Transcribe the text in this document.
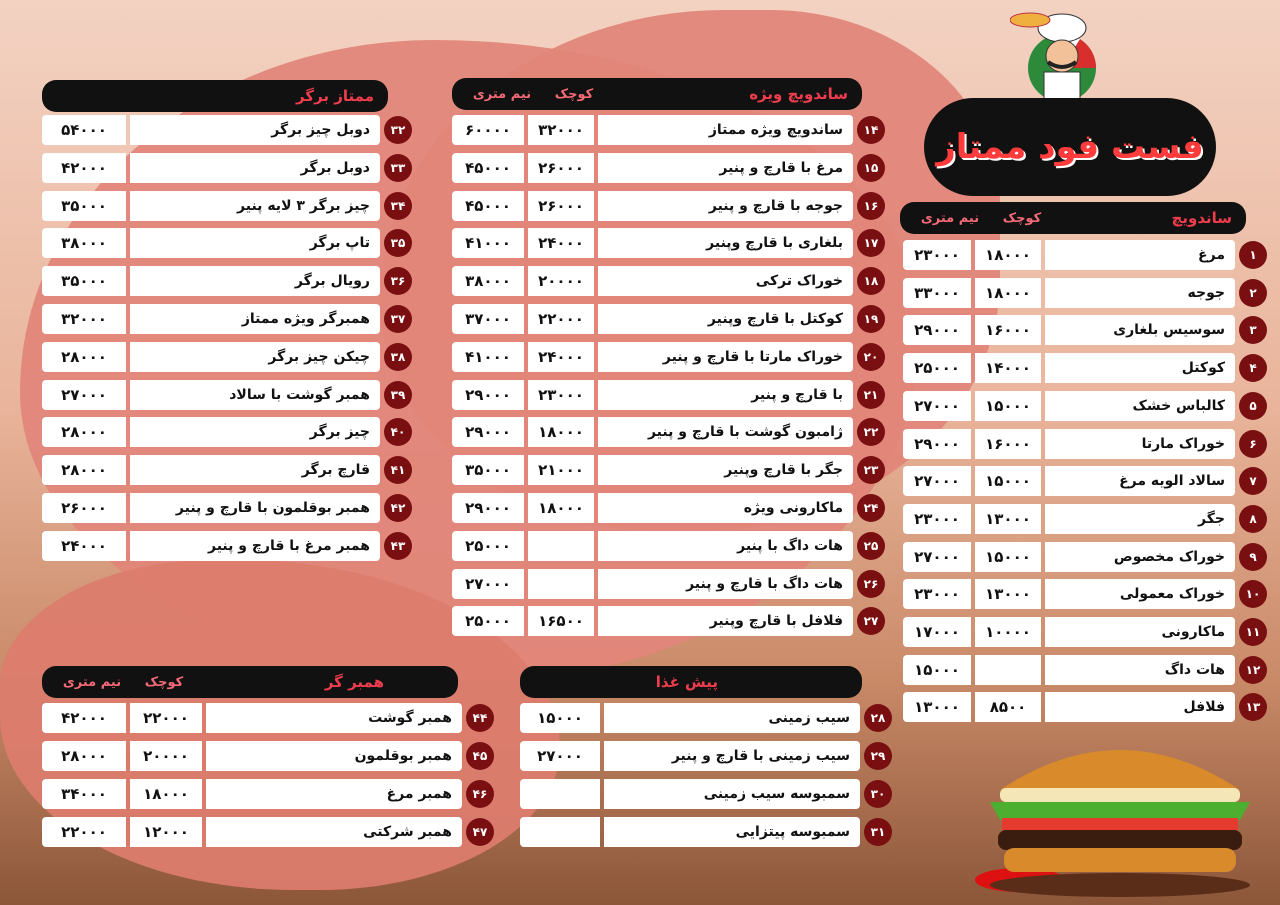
فست فود ممتاز
ساندویچ
کوچک
نیم متری
۱
مرغ
۱۸۰۰۰
۲۳۰۰۰
۲
جوجه
۱۸۰۰۰
۳۳۰۰۰
۳
سوسیس بلغاری
۱۶۰۰۰
۲۹۰۰۰
۴
کوکتل
۱۴۰۰۰
۲۵۰۰۰
۵
کالباس خشک
۱۵۰۰۰
۲۷۰۰۰
۶
خوراک مارتا
۱۶۰۰۰
۲۹۰۰۰
۷
سالاد الویه مرغ
۱۵۰۰۰
۲۷۰۰۰
۸
جگر
۱۳۰۰۰
۲۳۰۰۰
۹
خوراک مخصوص
۱۵۰۰۰
۲۷۰۰۰
۱۰
خوراک معمولی
۱۳۰۰۰
۲۳۰۰۰
۱۱
ماکارونی
۱۰۰۰۰
۱۷۰۰۰
۱۲
هات داگ
۱۵۰۰۰
۱۳
فلافل
۸۵۰۰
۱۳۰۰۰
ساندویچ ویژه
کوچک
نیم متری
۱۴
ساندویچ ویژه ممتاز
۳۲۰۰۰
۶۰۰۰۰
۱۵
مرغ با قارچ و پنیر
۲۶۰۰۰
۴۵۰۰۰
۱۶
جوجه با قارچ و پنیر
۲۶۰۰۰
۴۵۰۰۰
۱۷
بلغاری با قارچ وپنیر
۲۴۰۰۰
۴۱۰۰۰
۱۸
خوراک ترکی
۲۰۰۰۰
۳۸۰۰۰
۱۹
کوکتل با قارچ وپنیر
۲۲۰۰۰
۳۷۰۰۰
۲۰
خوراک مارتا با قارچ و پنیر
۲۴۰۰۰
۴۱۰۰۰
۲۱
با قارچ و پنیر
۲۳۰۰۰
۲۹۰۰۰
۲۲
ژامبون گوشت با قارچ و پنیر
۱۸۰۰۰
۲۹۰۰۰
۲۳
جگر با قارچ وپنیر
۲۱۰۰۰
۳۵۰۰۰
۲۴
ماکارونی ویژه
۱۸۰۰۰
۲۹۰۰۰
۲۵
هات داگ با پنیر
۲۵۰۰۰
۲۶
هات داگ با قارچ و پنیر
۲۷۰۰۰
۲۷
فلافل با قارچ وپنیر
۱۶۵۰۰
۲۵۰۰۰
ممتاز برگر
۳۲
دوبل چیز برگر
۵۴۰۰۰
۳۳
دوبل برگر
۴۲۰۰۰
۳۴
چیز برگر ۳ لایه پنیر
۳۵۰۰۰
۳۵
تاپ برگر
۳۸۰۰۰
۳۶
رویال برگر
۳۵۰۰۰
۳۷
همبرگر ویژه ممتاز
۳۲۰۰۰
۳۸
چیکن چیز برگر
۲۸۰۰۰
۳۹
همبر گوشت با سالاد
۲۷۰۰۰
۴۰
چیز برگر
۲۸۰۰۰
۴۱
قارچ برگر
۲۸۰۰۰
۴۲
همبر بوقلمون با قارچ و پنیر
۲۶۰۰۰
۴۳
همبر مرغ با قارچ و پنیر
۲۴۰۰۰
پیش غذا
۲۸
سیب زمینی
۱۵۰۰۰
۲۹
سیب زمینی با قارچ و پنیر
۲۷۰۰۰
۳۰
سمبوسه سیب زمینی
۳۱
سمبوسه پیتزایی
همبر گر
کوچک
نیم متری
۴۴
همبر گوشت
۲۲۰۰۰
۴۲۰۰۰
۴۵
همبر بوقلمون
۲۰۰۰۰
۲۸۰۰۰
۴۶
همبر مرغ
۱۸۰۰۰
۳۴۰۰۰
۴۷
همبر شرکتی
۱۲۰۰۰
۲۲۰۰۰
